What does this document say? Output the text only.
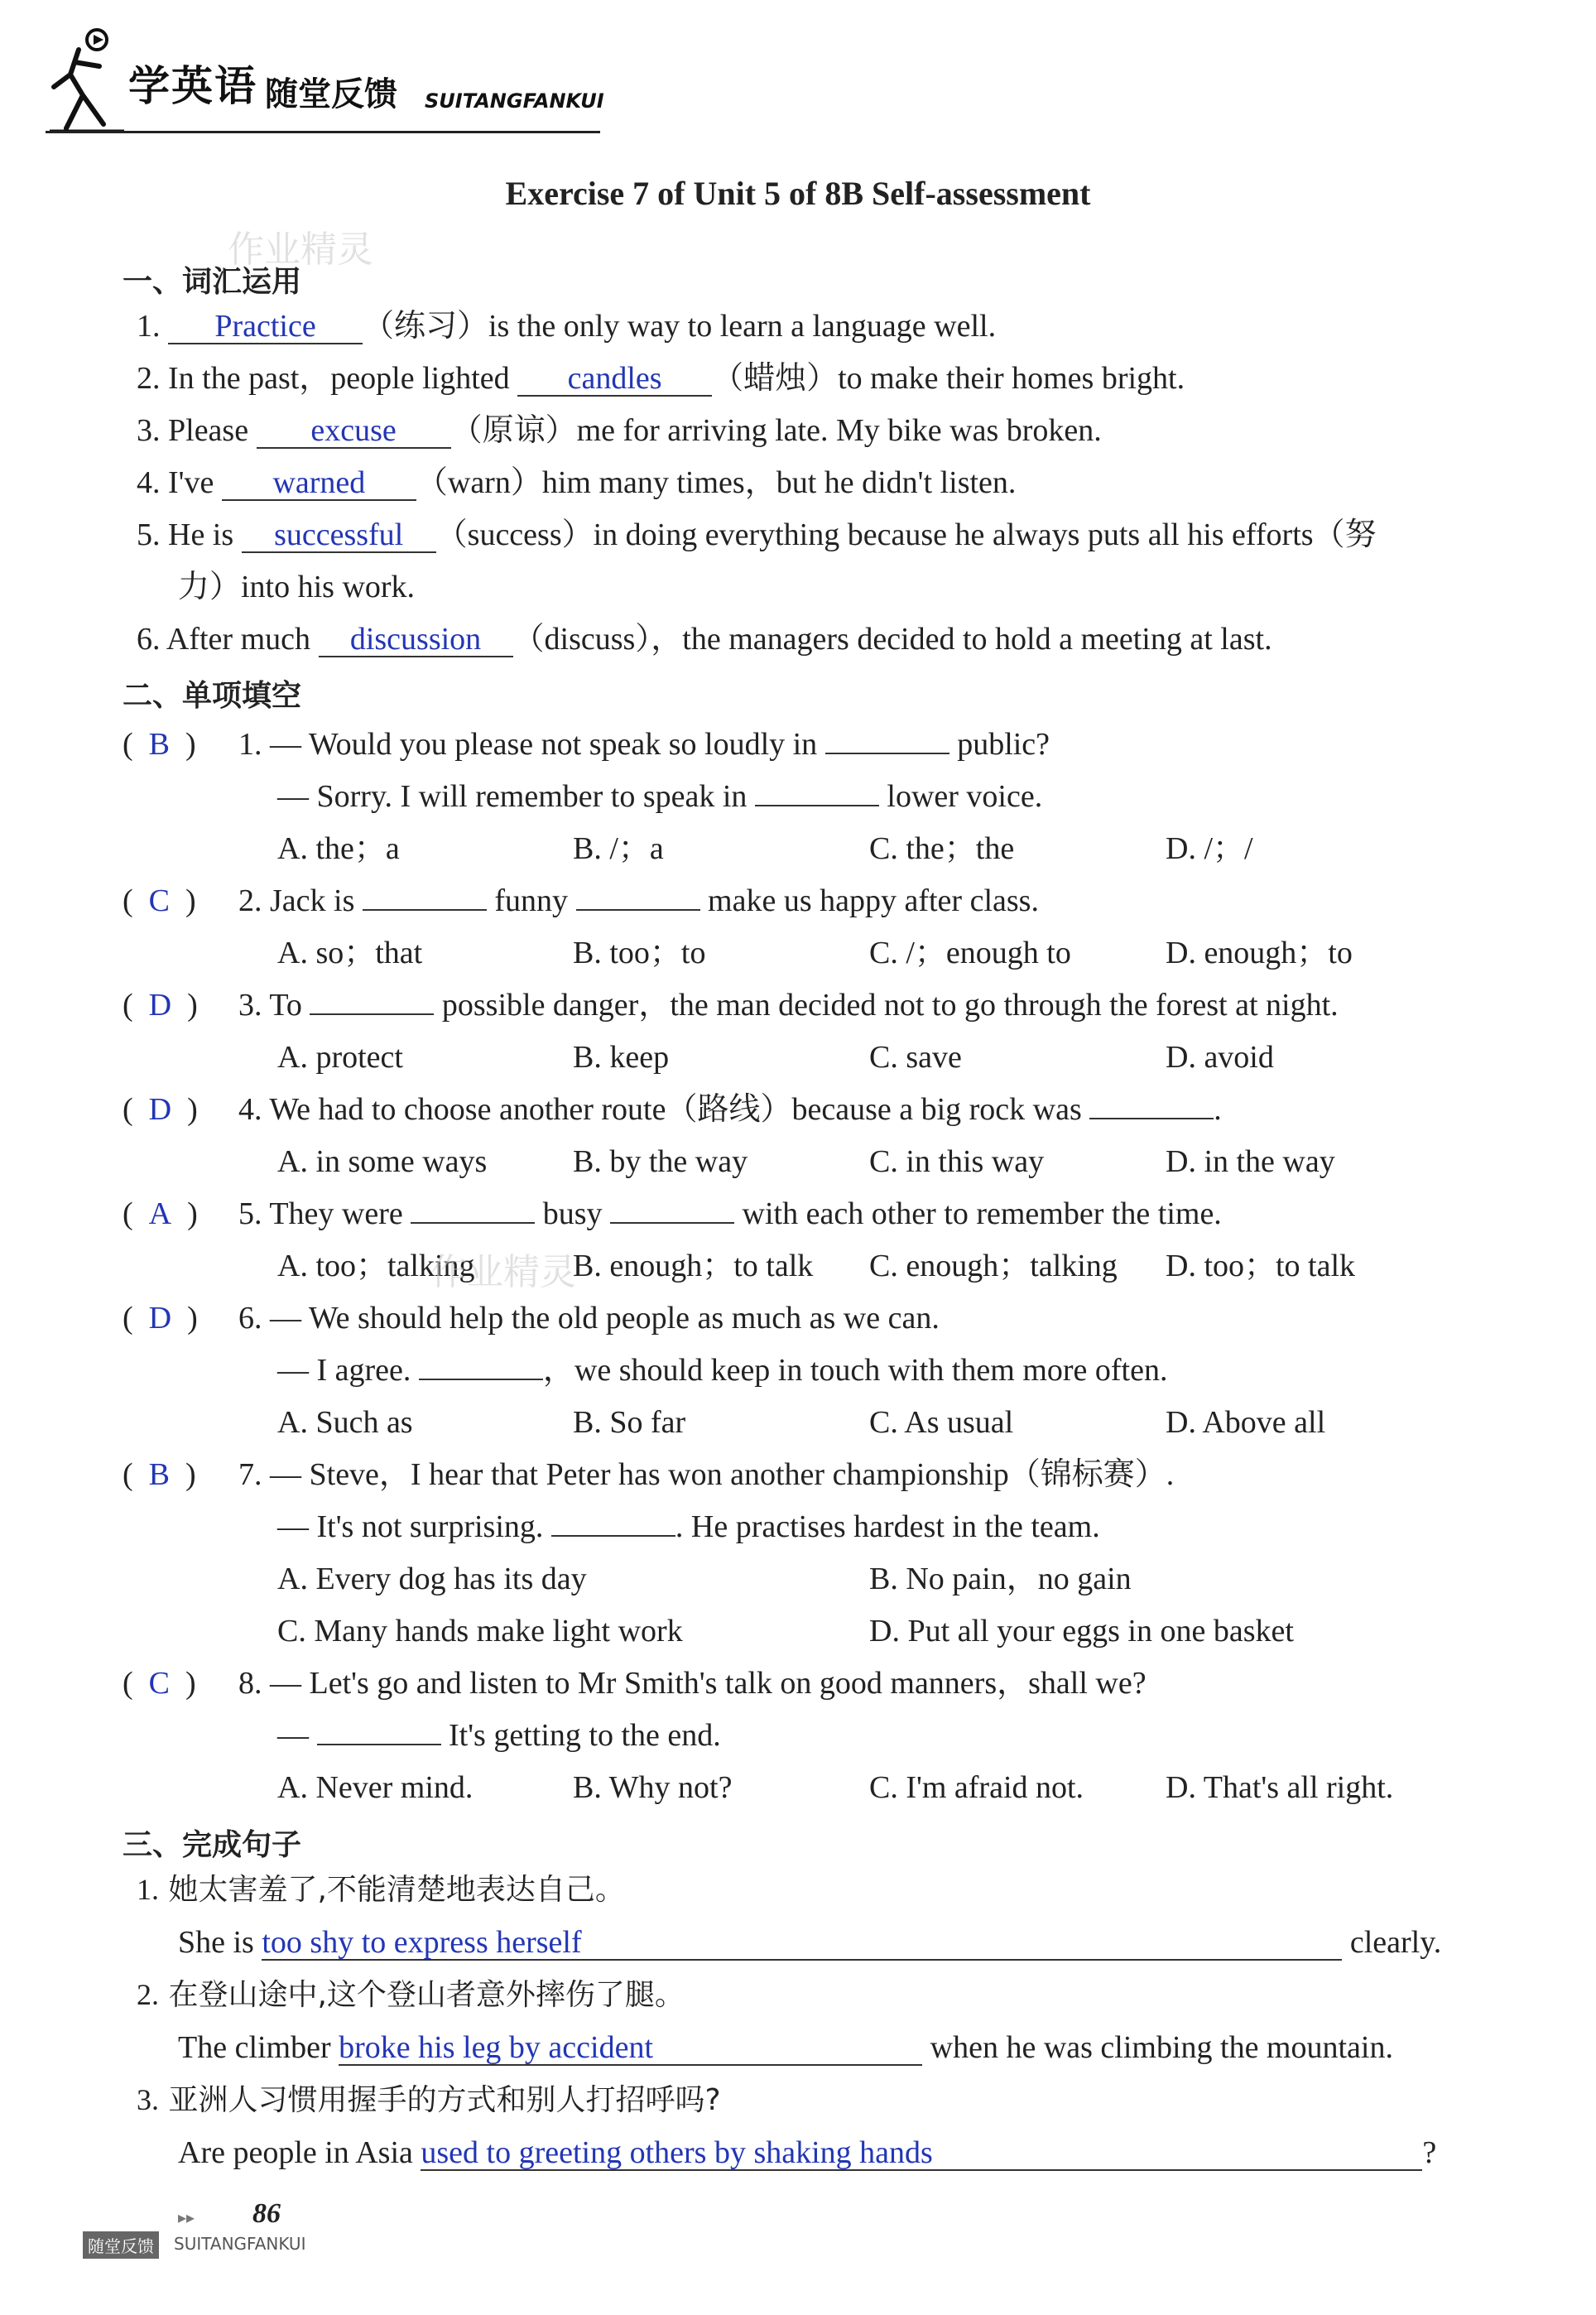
学英语 随堂反馈 SUITANGFANKUI
Exercise 7 of Unit 5 of 8B Self-assessment
作业精灵
一、词汇运用
1. Practice （练习）is the only way to learn a language well.
2. In the past，people lighted candles （蜡烛）to make their homes bright.
3. Please excuse （原谅）me for arriving late. My bike was broken.
4. I've warned （warn）him many times，but he didn't listen.
5. He is successful （success）in doing everything because he always puts all his efforts（努
力）into his work.
6. After much discussion （discuss），the managers decided to hold a meeting at last.
二、单项填空
( B ) 1. — Would you please not speak so loudly in	public?
— Sorry. I will remember to speak in	lower voice.
A. the；a	B. /；a	C. the；the	D. /；/
( C ) 2. Jack is	funny	make us happy after class.
A. so；that	B. too；to	C. /；enough to	D. enough；to
( D ) 3. To	possible danger，the man decided not to go through the forest at night.
A. protect	B. keep	C. save	D. avoid
( D ) 4. We had to choose another route（路线）because a big rock was	.
A. in some ways	B. by the way	C. in this way	D. in the way
( A ) 5. They were	busy	with each other to remember the time.
A. too；talking	B. enough；to talk C. enough；talking D. too；to talk
作业精灵
( D ) 6. — We should help the old people as much as we can.
— I agree.	，we should keep in touch with them more often.
A. Such as	B. So far	C. As usual	D. Above all
( B ) 7. — Steve，I hear that Peter has won another championship（锦标赛）.
— It's not surprising.	. He practises hardest in the team.
A. Every dog has its day	B. No pain，no gain
C. Many hands make light work	D. Put all your eggs in one basket
( C ) 8. — Let's go and listen to Mr Smith's talk on good manners，shall we?
—	It's getting to the end.
A. Never mind.	B. Why not?	C. I'm afraid not.	D. That's all right.
三、完成句子
1. 她太害羞了,不能清楚地表达自己。
She is too shy to express herself	clearly.
2. 在登山途中,这个登山者意外摔伤了腿。
The climber broke his leg by accident	when he was climbing the mountain.
3. 亚洲人习惯用握手的方式和别人打招呼吗?
Are people in Asia used to greeting others by shaking hands	?
▸▸ 86
随堂反馈	SUITANGFANKUI
